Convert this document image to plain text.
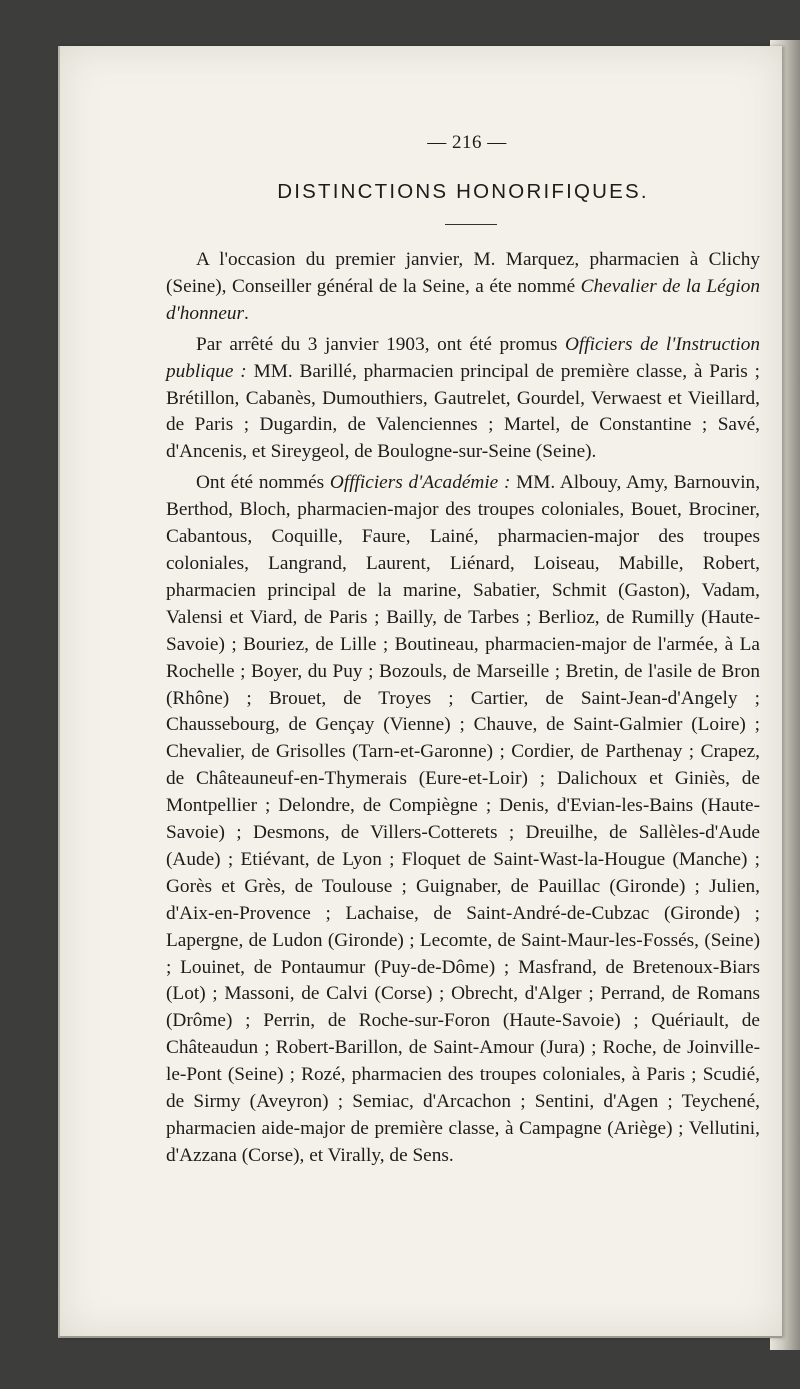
— 216 —
DISTINCTIONS HONORIFIQUES.

A l'occasion du premier janvier, M. Marquez, pharmacien à Clichy (Seine), Conseiller général de la Seine, a éte nommé Chevalier de la Légion d'honneur.

Par arrêté du 3 janvier 1903, ont été promus Officiers de l'Instruction publique : MM. Barillé, pharmacien principal de première classe, à Paris ; Brétillon, Cabanès, Dumouthiers, Gautrelet, Gourdel, Verwaest et Vieillard, de Paris ; Dugardin, de Valenciennes ; Martel, de Constantine ; Savé, d'Ancenis, et Sireygeol, de Boulogne-sur-Seine (Seine).

Ont été nommés Offficiers d'Académie : MM. Albouy, Amy, Barnouvin, Berthod, Bloch, pharmacien-major des troupes coloniales, Bouet, Brociner, Cabantous, Coquille, Faure, Lainé, pharmacien-major des troupes coloniales, Langrand, Laurent, Liénard, Loiseau, Mabille, Robert, pharmacien principal de la marine, Sabatier, Schmit (Gaston), Vadam, Valensi et Viard, de Paris ; Bailly, de Tarbes ; Berlioz, de Rumilly (Haute-Savoie) ; Bouriez, de Lille ; Boutineau, pharmacien-major de l'armée, à La Rochelle ; Boyer, du Puy ; Bozouls, de Marseille ; Bretin, de l'asile de Bron (Rhône) ; Brouet, de Troyes ; Cartier, de Saint-Jean-d'Angely ; Chaussebourg, de Gençay (Vienne) ; Chauve, de Saint-Galmier (Loire) ; Chevalier, de Grisolles (Tarn-et-Garonne) ; Cordier, de Parthenay ; Crapez, de Châteauneuf-en-Thymerais (Eure-et-Loir) ; Dalichoux et Giniès, de Montpellier ; Delondre, de Compiègne ; Denis, d'Evian-les-Bains (Haute-Savoie) ; Desmons, de Villers-Cotterets ; Dreuilhe, de Sallèles-d'Aude (Aude) ; Etiévant, de Lyon ; Floquet de Saint-Wast-la-Hougue (Manche) ; Gorès et Grès, de Toulouse ; Guignaber, de Pauillac (Gironde) ; Julien, d'Aix-en-Provence ; Lachaise, de Saint-André-de-Cubzac (Gironde) ; Lapergne, de Ludon (Gironde) ; Lecomte, de Saint-Maur-les-Fossés, (Seine) ; Louinet, de Pontaumur (Puy-de-Dôme) ; Masfrand, de Bretenoux-Biars (Lot) ; Massoni, de Calvi (Corse) ; Obrecht, d'Alger ; Perrand, de Romans (Drôme) ; Perrin, de Roche-sur-Foron (Haute-Savoie) ; Quériault, de Châteaudun ; Robert-Barillon, de Saint-Amour (Jura) ; Roche, de Joinville-le-Pont (Seine) ; Rozé, pharmacien des troupes coloniales, à Paris ; Scudié, de Sirmy (Aveyron) ; Semiac, d'Arcachon ; Sentini, d'Agen ; Teychené, pharmacien aide-major de première classe, à Campagne (Ariège) ; Vellutini, d'Azzana (Corse), et Virally, de Sens.
